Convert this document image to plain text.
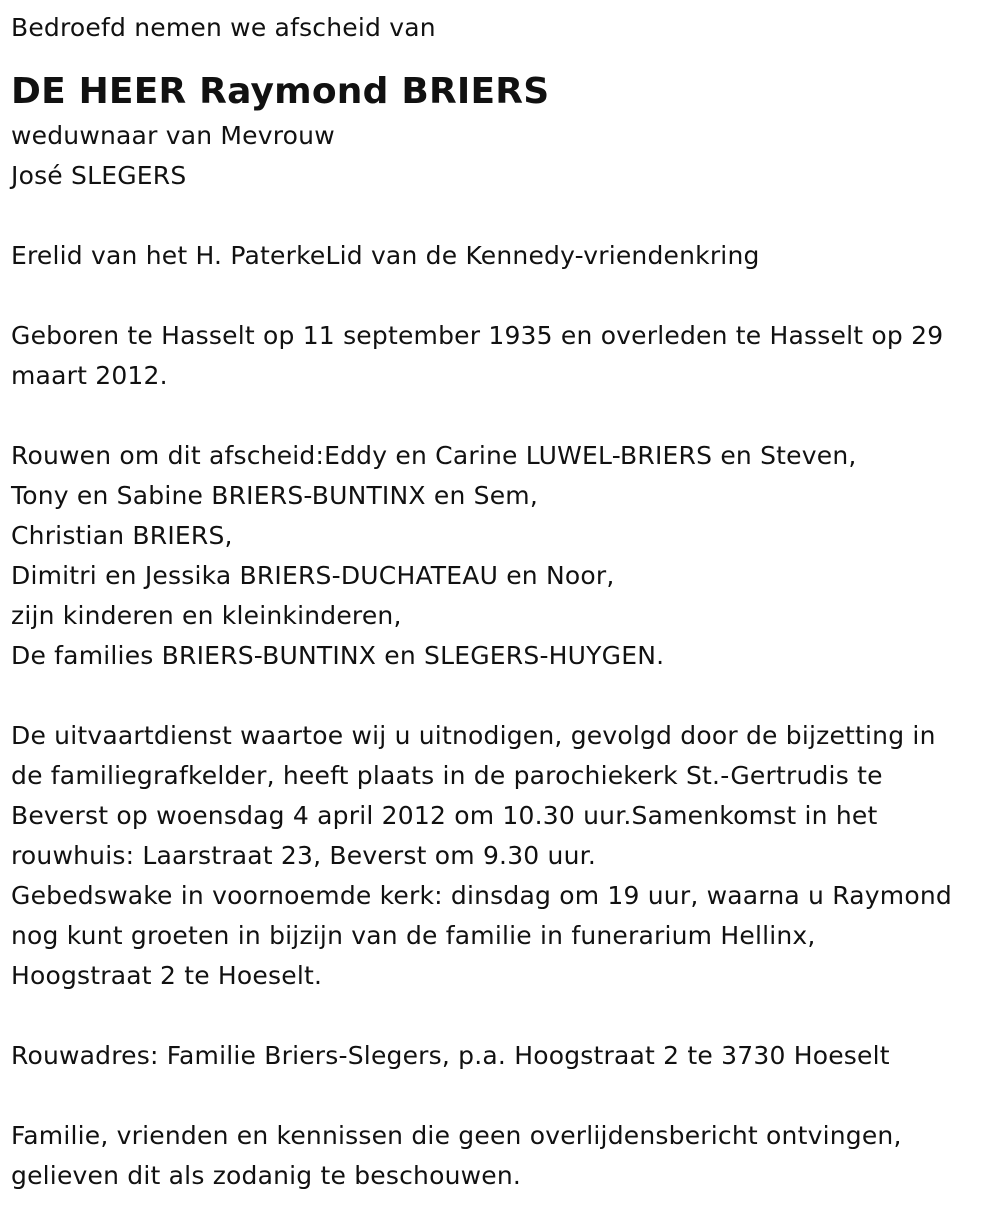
Bedroefd nemen we afscheid van
DE HEER Raymond BRIERS
weduwnaar van Mevrouw
José SLEGERS
Erelid van het H. PaterkeLid van de Kennedy-vriendenkring
Geboren te Hasselt op 11 september 1935 en overleden te Hasselt op 29
maart 2012.
Rouwen om dit afscheid:Eddy en Carine LUWEL-BRIERS en Steven,
Tony en Sabine BRIERS-BUNTINX en Sem,
Christian BRIERS,
Dimitri en Jessika BRIERS-DUCHATEAU en Noor,
zijn kinderen en kleinkinderen,
De families BRIERS-BUNTINX en SLEGERS-HUYGEN.
De uitvaartdienst waartoe wij u uitnodigen, gevolgd door de bijzetting in
de familiegrafkelder, heeft plaats in de parochiekerk St.-Gertrudis te
Beverst op woensdag 4 april 2012 om 10.30 uur.Samenkomst in het
rouwhuis: Laarstraat 23, Beverst om 9.30 uur.
Gebedswake in voornoemde kerk: dinsdag om 19 uur, waarna u Raymond
nog kunt groeten in bijzijn van de familie in funerarium Hellinx,
Hoogstraat 2 te Hoeselt.
Rouwadres: Familie Briers-Slegers, p.a. Hoogstraat 2 te 3730 Hoeselt
Familie, vrienden en kennissen die geen overlijdensbericht ontvingen,
gelieven dit als zodanig te beschouwen.
